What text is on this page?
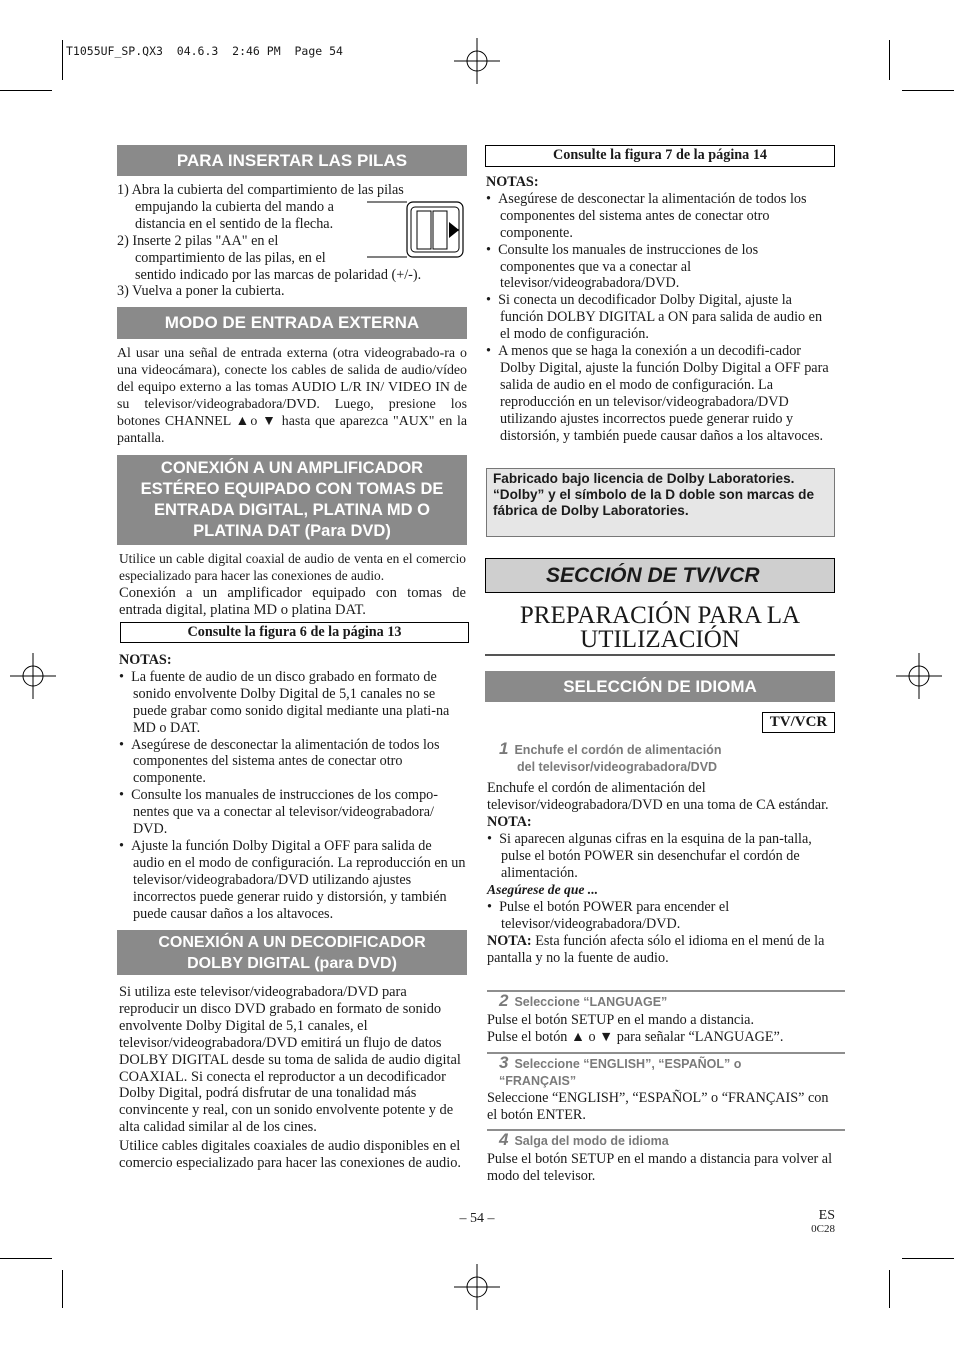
T1055UF_SP.QX3  04.6.3  2:46 PM  Page 54
PARA INSERTAR LAS PILAS

1) Abra la cubierta del compartimiento de las pilas

empujando la cubierta del mando a

distancia en el sentido de la flecha.

2) Inserte 2 pilas "AA" en el

compartimiento de las pilas, en el

sentido indicado por las marcas de polaridad (+/-).

3) Vuelva a poner la cubierta.

MODO DE ENTRADA EXTERNA
Al usar una señal de entrada externa (otra videograbado-ra o una videocámara), conecte los cables de salida de audio/vídeo del equipo externo a las tomas AUDIO L/R IN/ VIDEO IN de su televisor/videograbadora/DVD. Luego, presione los botones CHANNEL ▲o ▼ hasta que aparezca "AUX" en la pantalla.
CONEXIÓN A UN AMPLIFICADOR
ESTÉREO EQUIPADO CON TOMAS DE
ENTRADA DIGITAL, PLATINA MD O
PLATINA DAT (Para DVD)
Utilice un cable digital coaxial de audio de venta en el comercio especializado para hacer las conexiones de audio.
Conexión a un amplificador equipado con tomas de entrada digital, platina MD o platina DAT.
Consulte la figura 6 de la página 13

NOTAS:

•  La fuente de audio de un disco grabado en formato de sonido envolvente Dolby Digital de 5,1 canales no se puede grabar como sonido digital mediante una plati-na MD o DAT.

•  Asegúrese de desconectar la alimentación de todos los componentes del sistema antes de conectar otro componente.

•  Consulte los manuales de instrucciones de los compo-nentes que va a conectar al televisor/videograbadora/ DVD.

•  Ajuste la función Dolby Digital a OFF para salida de audio en el modo de configuración. La reproducción en un televisor/videograbadora/DVD utilizando ajustes incorrectos puede generar ruido y distorsión, y también puede causar daños a los altavoces.

CONEXIÓN A UN DECODIFICADOR
DOLBY DIGITAL (para DVD)

Si utiliza este televisor/videograbadora/DVD para reproducir un disco DVD grabado en formato de sonido envolvente Dolby Digital de 5,1 canales, el televisor/videograbadora/DVD emitirá un flujo de datos DOLBY DIGITAL desde su toma de salida de audio digital COAXIAL. Si conecta el reproductor a un decodificador Dolby Digital, podrá disfrutar de una tonalidad más convincente y real, con un sonido envolvente potente y de alta calidad similar al de los cines.

Utilice cables digitales coaxiales de audio disponibles en el comercio especializado para hacer las conexiones de audio.

Consulte la figura 7 de la página 14

NOTAS:

•  Asegúrese de desconectar la alimentación de todos los componentes del sistema antes de conectar otro componente.

•  Consulte los manuales de instrucciones de los componentes que va a conectar al televisor/videograbadora/DVD.

•  Si conecta un decodificador Dolby Digital, ajuste la función DOLBY DIGITAL a ON para salida de audio en el modo de configuración.

•  A menos que se haga la conexión a un decodifi-cador Dolby Digital, ajuste la función Dolby Digital a OFF para salida de audio en el modo de configuración. La reproducción en un televisor/videograbadora/DVD utilizando ajustes incorrectos puede generar ruido y distorsión, y también puede causar daños a los altavoces.

Fabricado bajo licencia de Dolby Laboratories. “Dolby” y el símbolo de la D doble son marcas de fábrica de Dolby Laboratories.
SECCIÓN DE TV/VCR
PREPARACIÓN PARA LA
UTILIZACIÓN
SELECCIÓN DE IDIOMA
TV/VCR
1 Enchufe el cordón de alimentación
del televisor/videograbadora/DVD

Enchufe el cordón de alimentación del televisor/videograbadora/DVD en una toma de CA estándar.

NOTA:

•  Si aparecen algunas cifras en la esquina de la pan-talla, pulse el botón POWER sin desenchufar el cordón de alimentación.

Asegúrese de que ...

•  Pulse el botón POWER para encender el televisor/videograbadora/DVD.

NOTA: Esta función afecta sólo el idioma en el menú de la pantalla y no la fuente de audio.

2 Seleccione “LANGUAGE”

Pulse el botón SETUP en el mando a distancia.

Pulse el botón ▲ o ▼ para señalar “LANGUAGE”.

3 Seleccione “ENGLISH”, “ESPAÑOL” o
“FRANÇAIS”
Seleccione “ENGLISH”, “ESPAÑOL” o “FRANÇAIS” con el botón ENTER.
4 Salga del modo de idioma
Pulse el botón SETUP en el mando a distancia para volver al modo del televisor.
– 54 –	ES
0C28
